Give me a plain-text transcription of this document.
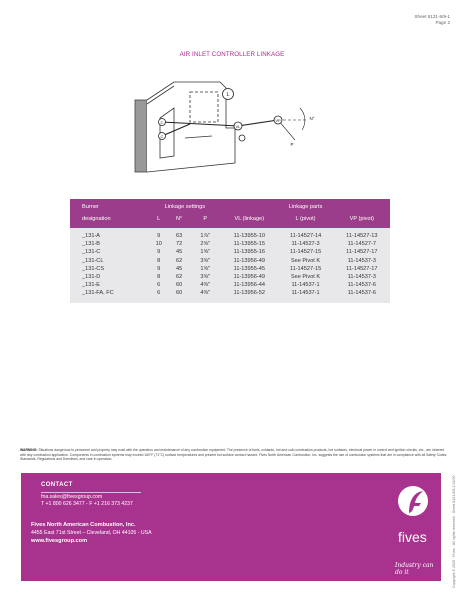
Sheet 6131-8/9-1
Page 2
AIR INLET CONTROLLER LINKAGE
C
C
L
VL
VP	N°
P
Burner	Linkage settings			Linkage parts		
designation	L	N°	P	VL (linkage)	L (pivot)	VP (pivot)
_131-A	9	63	1⅞"	11-13955-10	11-14527-14	11-14527-13
_131-B	10	72	2⅝"	11-13955-15	11-14527-3	11-14527-7
_131-C	9	45	1⅝"	11-13955-16	11-14527-15	11-14527-17
_131-CL	8	62	3⅝"	11-13956-49	See Pivot K	11-14537-3
_131-CS	9	45	1⅝"	11-13955-45	11-14527-15	11-14527-17
_131-D	8	62	3⅝"	11-13956-49	See Pivot K	11-14537-3
_131-E	6	60	4⅜"	11-13956-44	11-14537-1	11-14537-6
_131-FA, FC	6	60	4⅜"	11-13956-52	11-14537-1	11-14537-6
WARNING: Situations dangerous to personnel and property may exist with the operation and maintenance of any combustion equipment. The presence of fuels, oxidants, hot and cold combustion products, hot surfaces, electrical power in control and ignition circuits, etc., are inherent with any combustion application. Components in combustion systems may exceed 160°F (71°C) surface temperatures and present hot surface contact hazard. Fives North American Combustion, Inc. suggests the use of combustion systems that are in compliance with all Safety Codes, Standards, Regulations and Directives, and care in operation.
Copyright © 2020 · Fives · All rights reserved · Sheet 6131-8/9-1 02/20
CONTACT
fna.sales@fivesgroup.com
T +1 800 626 3477 - F +1 216 373 4237
Fives North American Combustion, Inc.
4455 East 71st Street – Cleveland, OH 44105 - USA
www.fivesgroup.com	fives
Industry can do it
